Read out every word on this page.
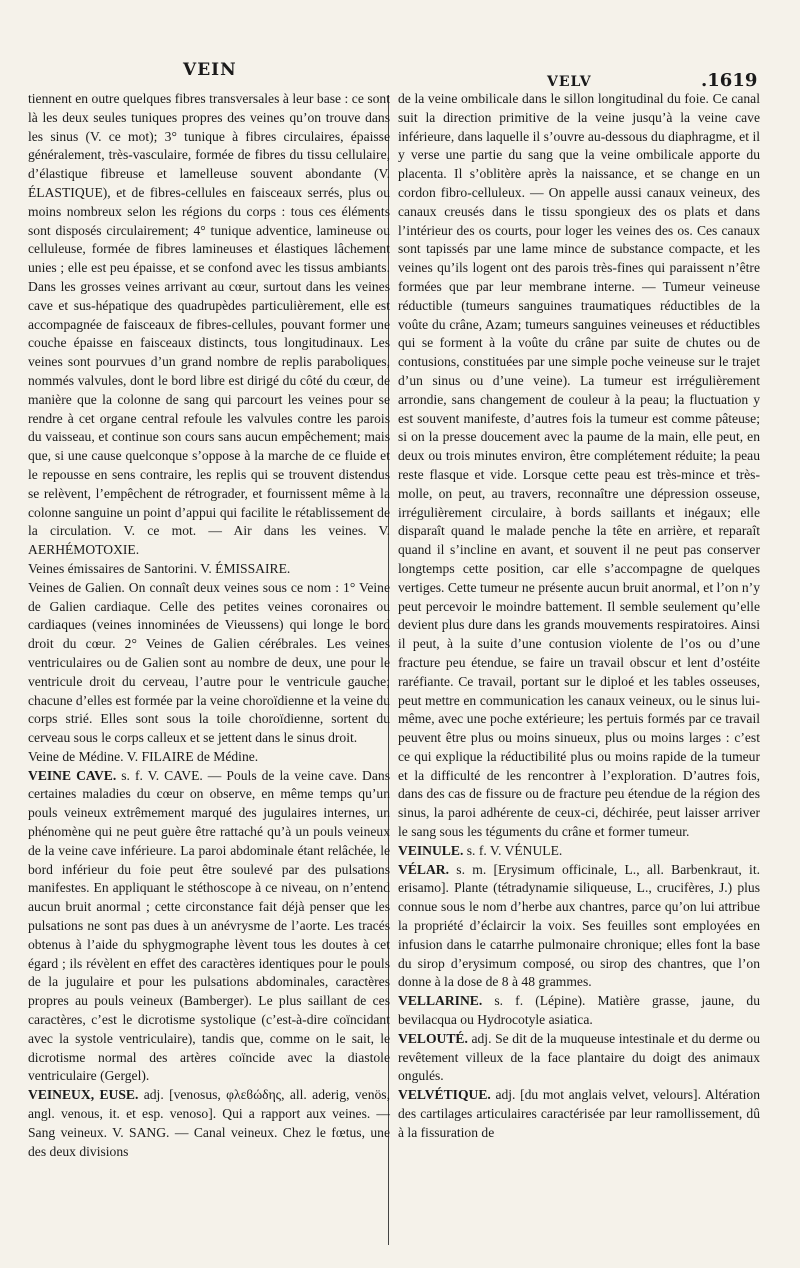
VEIN
VELV	.1619

tiennent en outre quelques fibres transversales à leur base : ce sont là les deux seules tuniques propres des veines qu’on trouve dans les sinus (V. ce mot); 3° tunique à fibres circulaires, épaisse généralement, très-vasculaire, formée de fibres du tissu cellulaire, d’élastique fibreuse et lamelleuse souvent abondante (V. ÉLASTIQUE), et de fibres-cellules en faisceaux serrés, plus ou moins nombreux selon les régions du corps : tous ces éléments sont disposés circulairement; 4° tunique adventice, lamineuse ou celluleuse, formée de fibres lamineuses et élastiques lâchement unies ; elle est peu épaisse, et se confond avec les tissus ambiants. Dans les grosses veines arrivant au cœur, surtout dans les veines cave et sus-hépatique des quadrupèdes particulièrement, elle est accompagnée de faisceaux de fibres-cellules, pouvant former une couche épaisse en faisceaux distincts, tous longitudinaux. Les veines sont pourvues d’un grand nombre de replis paraboliques, nommés valvules, dont le bord libre est dirigé du côté du cœur, de manière que la colonne de sang qui parcourt les veines pour se rendre à cet organe central refoule les valvules contre les parois du vaisseau, et continue son cours sans aucun empêchement; mais que, si une cause quelconque s’oppose à la marche de ce fluide et le repousse en sens contraire, les replis qui se trouvent distendus se relèvent, l’empêchent de rétrograder, et fournissent même à la colonne sanguine un point d’appui qui facilite le rétablissement de la circulation. V. ce mot. — Air dans les veines. V. AERHÉMOTOXIE.

Veines émissaires de Santorini. V. ÉMISSAIRE.

Veines de Galien. On connaît deux veines sous ce nom : 1° Veine de Galien cardiaque. Celle des petites veines coronaires ou cardiaques (veines innominées de Vieussens) qui longe le bord droit du cœur. 2° Veines de Galien cérébrales. Les veines ventriculaires ou de Galien sont au nombre de deux, une pour le ventricule droit du cerveau, l’autre pour le ventricule gauche; chacune d’elles est formée par la veine choroïdienne et la veine du corps strié. Elles sont sous la toile choroïdienne, sortent du cerveau sous le corps calleux et se jettent dans le sinus droit.

Veine de Médine. V. FILAIRE de Médine.

VEINE CAVE. s. f. V. CAVE. — Pouls de la veine cave. Dans certaines maladies du cœur on observe, en même temps qu’un pouls veineux extrêmement marqué des jugulaires internes, un phénomène qui ne peut guère être rattaché qu’à un pouls veineux de la veine cave inférieure. La paroi abdominale étant relâchée, le bord inférieur du foie peut être soulevé par des pulsations manifestes. En appliquant le stéthoscope à ce niveau, on n’entend aucun bruit anormal ; cette circonstance fait déjà penser que les pulsations ne sont pas dues à un anévrysme de l’aorte. Les tracés obtenus à l’aide du sphygmographe lèvent tous les doutes à cet égard ; ils révèlent en effet des caractères identiques pour le pouls de la jugulaire et pour les pulsations abdominales, caractères propres au pouls veineux (Bamberger). Le plus saillant de ces caractères, c’est le dicrotisme systolique (c’est-à-dire coïncidant avec la systole ventriculaire), tandis que, comme on le sait, le dicrotisme normal des artères coïncide avec la diastole ventriculaire (Gergel).

VEINEUX, EUSE. adj. [venosus, φλεϐώδης, all. aderig, venös, angl. venous, it. et esp. venoso]. Qui a rapport aux veines. — Sang veineux. V. SANG. — Canal veineux. Chez le fœtus, une des deux divisions

de la veine ombilicale dans le sillon longitudinal du foie. Ce canal suit la direction primitive de la veine jusqu’à la veine cave inférieure, dans laquelle il s’ouvre au-dessous du diaphragme, et il y verse une partie du sang que la veine ombilicale apporte du placenta. Il s’oblitère après la naissance, et se change en un cordon fibro-celluleux. — On appelle aussi canaux veineux, des canaux creusés dans le tissu spongieux des os plats et dans l’intérieur des os courts, pour loger les veines des os. Ces canaux sont tapissés par une lame mince de substance compacte, et les veines qu’ils logent ont des parois très-fines qui paraissent n’être formées que par leur membrane interne. — Tumeur veineuse réductible (tumeurs sanguines traumatiques réductibles de la voûte du crâne, Azam; tumeurs sanguines veineuses et réductibles qui se forment à la voûte du crâne par suite de chutes ou de contusions, constituées par une simple poche veineuse sur le trajet d’un sinus ou d’une veine). La tumeur est irrégulièrement arrondie, sans changement de couleur à la peau; la fluctuation y est souvent manifeste, d’autres fois la tumeur est comme pâteuse; si on la presse doucement avec la paume de la main, elle peut, en deux ou trois minutes environ, être complétement réduite; la peau reste flasque et vide. Lorsque cette peau est très-mince et très-molle, on peut, au travers, reconnaître une dépression osseuse, irrégulièrement circulaire, à bords saillants et inégaux; elle disparaît quand le malade penche la tête en arrière, et reparaît quand il s’incline en avant, et souvent il ne peut pas conserver longtemps cette position, car elle s’accompagne de quelques vertiges. Cette tumeur ne présente aucun bruit anormal, et l’on n’y peut percevoir le moindre battement. Il semble seulement qu’elle devient plus dure dans les grands mouvements respiratoires. Ainsi il peut, à la suite d’une contusion violente de l’os ou d’une fracture peu étendue, se faire un travail obscur et lent d’ostéite raréfiante. Ce travail, portant sur le diploé et les tables osseuses, peut mettre en communication les canaux veineux, ou le sinus lui-même, avec une poche extérieure; les pertuis formés par ce travail peuvent être plus ou moins sinueux, plus ou moins larges : c’est ce qui explique la réductibilité plus ou moins rapide de la tumeur et la difficulté de les rencontrer à l’exploration. D’autres fois, dans des cas de fissure ou de fracture peu étendue de la région des sinus, la paroi adhérente de ceux-ci, déchirée, peut laisser arriver le sang sous les téguments du crâne et former tumeur.

VEINULE. s. f. V. VÉNULE.

VÉLAR. s. m. [Erysimum officinale, L., all. Barbenkraut, it. erisamo]. Plante (tétradynamie siliqueuse, L., crucifères, J.) plus connue sous le nom d’herbe aux chantres, parce qu’on lui attribue la propriété d’éclaircir la voix. Ses feuilles sont employées en infusion dans le catarrhe pulmonaire chronique; elles font la base du sirop d’erysimum composé, ou sirop des chantres, que l’on donne à la dose de 8 à 48 grammes.

VELLARINE. s. f. (Lépine). Matière grasse, jaune, du bevilacqua ou Hydrocotyle asiatica.

VELOUTÉ. adj. Se dit de la muqueuse intestinale et du derme ou revêtement villeux de la face plantaire du doigt des animaux ongulés.

VELVÉTIQUE. adj. [du mot anglais velvet, velours]. Altération des cartilages articulaires caractérisée par leur ramollissement, dû à la fissuration de
